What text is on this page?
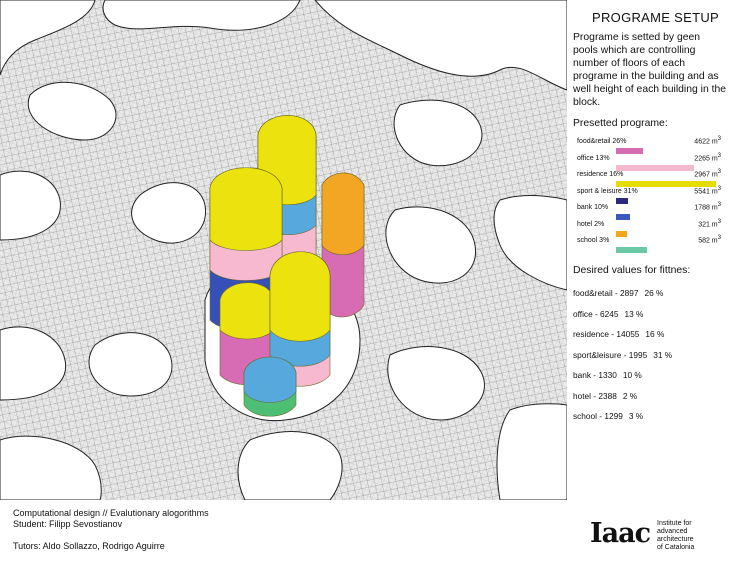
PROGRAME SETUP
Programe is setted by geen pools which are controlling number of floors of each programe in the building and as well height of each building in the block.
Presetted programe:
food&retail 26%	4622 $m^3$
office 13%	2265 $m^3$
residence 16%	2967 $m^3$
sport & leisure 31%	5541 $m^3$
bank 10%	1788 $m^3$
hotel 2%	321 $m^3$
school 3%	582 $m^3$
Desired values for fittnes:
food&retail - 2897 26 %
office - 6245 13 %
residence - 14055 16 %
sport&leisure - 1995 31 %
bank - 1330 10 %
hotel - 2388 2 %
school - 1299 3 %
Computational design // Evalutionary alogorithms
Student: Filipp Sevostianov
Tutors: Aldo Sollazzo, Rodrigo Aguirre	Iaac Institute for
advanced
architecture
of Catalonia
